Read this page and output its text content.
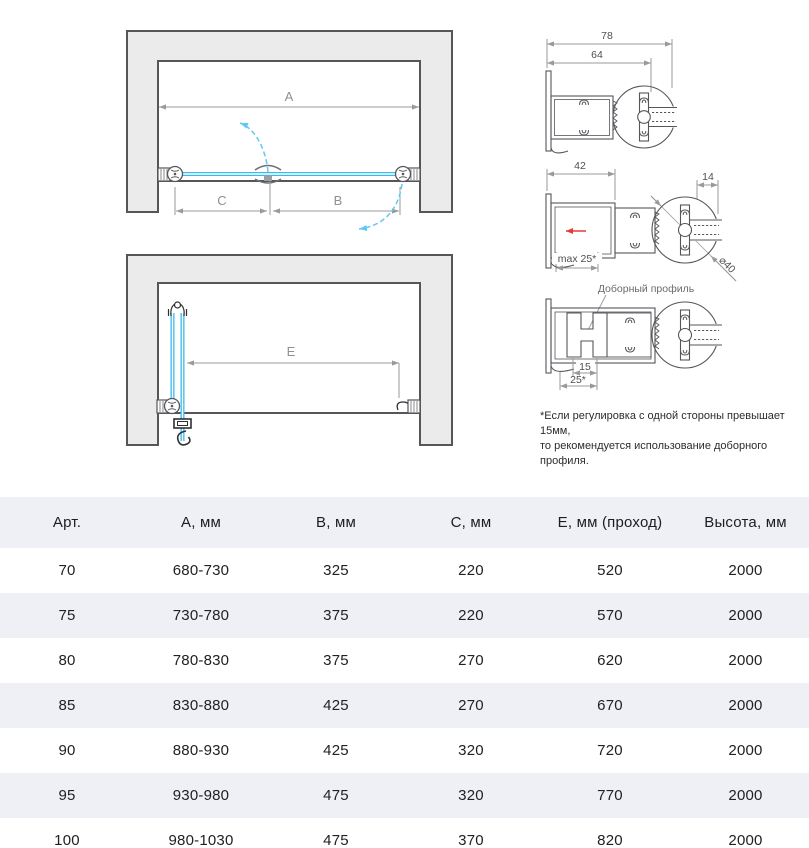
A
C	B
E
78
64
42
14
⌀40
max 25*
Доборный профиль
15
25*
*Если регулировка с одной стороны превышает 15мм,
то рекомендуется использование доборного профиля.
Арт.	А, мм	В, мм	С, мм	Е, мм (проход)	Высота, мм
70	680-730	325	220	520	2000
75	730-780	375	220	570	2000
80	780-830	375	270	620	2000
85	830-880	425	270	670	2000
90	880-930	425	320	720	2000
95	930-980	475	320	770	2000
100	980-1030	475	370	820	2000
